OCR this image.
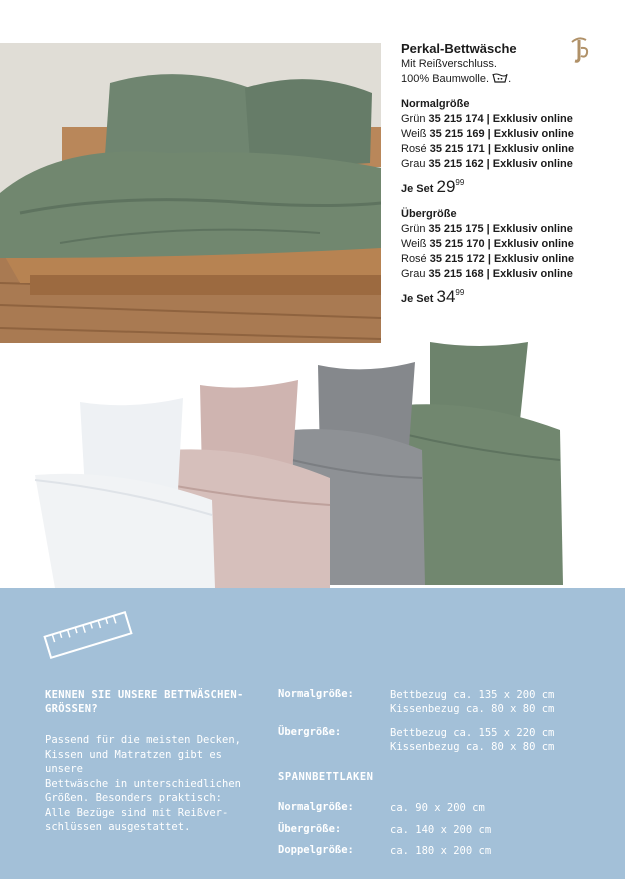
Perkal-Bettwäsche
Mit Reißverschluss.
100% Baumwolle. .
Normalgröße
Grün 35 215 174 | Exklusiv online
Weiß 35 215 169 | Exklusiv online
Rosé 35 215 171 | Exklusiv online
Grau 35 215 162 | Exklusiv online
Je Set $29^{99}$
Übergröße
Grün 35 215 175 | Exklusiv online
Weiß 35 215 170 | Exklusiv online
Rosé 35 215 172 | Exklusiv online
Grau 35 215 168 | Exklusiv online
Je Set $34^{99}$
KENNEN SIE UNSERE BETTWÄSCHEN-GRÖSSEN?
Passend für die meisten Decken,
Kissen und Matratzen gibt es unsere
Bettwäsche in unterschiedlichen
Größen. Besonders praktisch:
Alle Bezüge sind mit Reißver-
schlüssen ausgestattet.
Normalgröße:	Bettbezug ca. 135 x 200 cm
Kissenbezug ca. 80 x 80 cm
Übergröße:	Bettbezug ca. 155 x 220 cm
Kissenbezug ca. 80 x 80 cm
SPANNBETTLAKEN
Normalgröße:	ca. 90 x 200 cm
Übergröße:	ca. 140 x 200 cm
Doppelgröße:	ca. 180 x 200 cm
